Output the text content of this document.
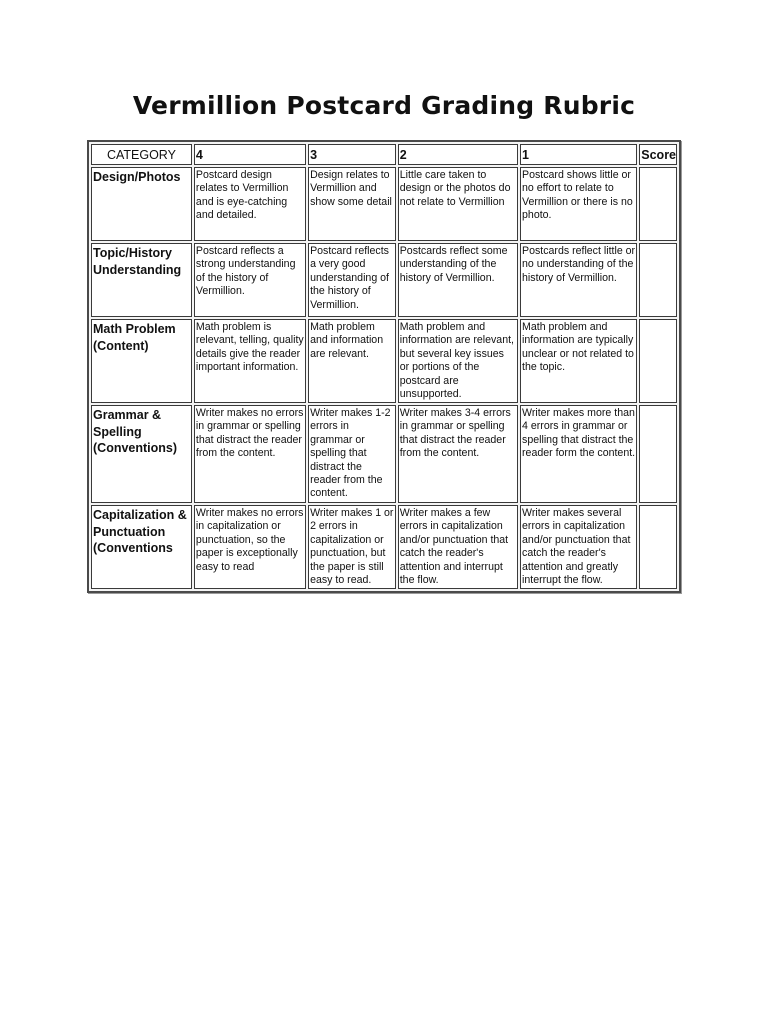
Vermillion Postcard Grading Rubric
CATEGORY	4	3	2	1	Score
Design/Photos	Postcard design relates to Vermillion and is eye-catching and detailed.	Design relates to Vermillion and show some detail	Little care taken to design or the photos do not relate to Vermillion	Postcard shows little or no effort to relate to Vermillion or there is no photo.	
Topic/History Understanding	Postcard reflects a strong understanding of the history of Vermillion.	Postcard reflects a very good understanding of the history of Vermillion.	Postcards reflect some understanding of the history of Vermillion.	Postcards reflect little or no understanding of the history of Vermillion.	
Math Problem (Content)	Math problem is relevant, telling, quality details give the reader important information.	Math problem and information are relevant.	Math problem and information are relevant, but several key issues or portions of the postcard are unsupported.	Math problem and information are typically unclear or not related to the topic.	
Grammar & Spelling (Conventions)	Writer makes no errors in grammar or spelling that distract the reader from the content.	Writer makes 1-2 errors in grammar or spelling that distract the reader from the content.	Writer makes 3-4 errors in grammar or spelling that distract the reader from the content.	Writer makes more than 4 errors in grammar or spelling that distract the reader form the content.	
Capitalization & Punctuation (Conventions	Writer makes no errors in capitalization or punctuation, so the paper is exceptionally easy to read	Writer makes 1 or 2 errors in capitalization or punctuation, but the paper is still easy to read.	Writer makes a few errors in capitalization and/or punctuation that catch the reader's attention and interrupt the flow.	Writer makes several errors in capitalization and/or punctuation that catch the reader's attention and greatly interrupt the flow.	
